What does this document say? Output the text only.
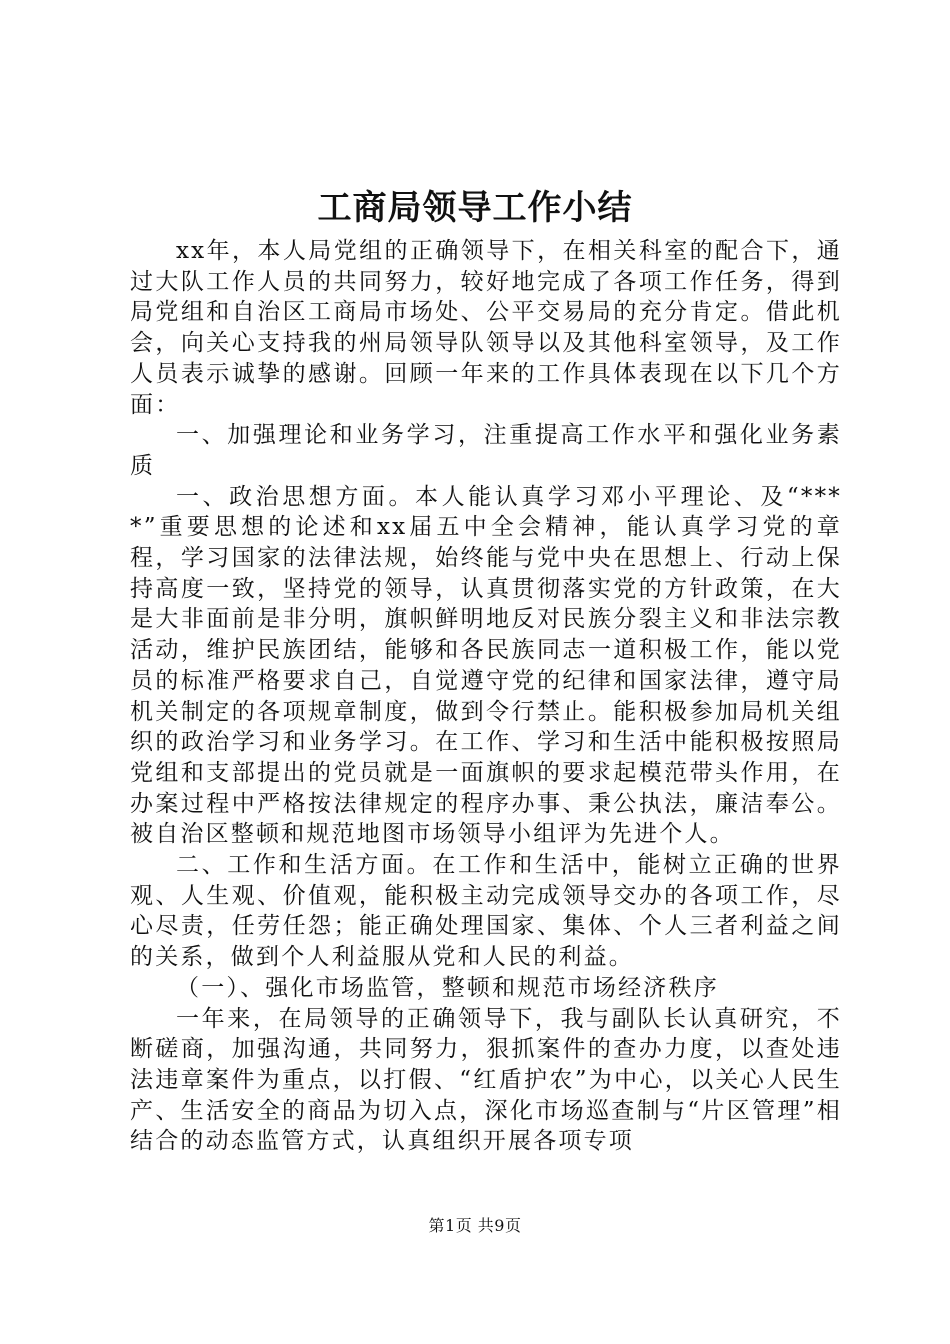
工商局领导工作小结

xx年，本人局党组的正确领导下，在相关科室的配合下，通过大队工作人员的共同努力，较好地完成了各项工作任务，得到局党组和自治区工商局市场处、公平交易局的充分肯定。借此机会，向关心支持我的州局领导队领导以及其他科室领导，及工作人员表示诚挚的感谢。回顾一年来的工作具体表现在以下几个方面：

一、加强理论和业务学习，注重提高工作水平和强化业务素质

一、政治思想方面。本人能认真学习邓小平理论、及“****”重要思想的论述和xx届五中全会精神，能认真学习党的章程，学习国家的法律法规，始终能与党中央在思想上、行动上保持高度一致，坚持党的领导，认真贯彻落实党的方针政策，在大是大非面前是非分明，旗帜鲜明地反对民族分裂主义和非法宗教活动，维护民族团结，能够和各民族同志一道积极工作，能以党员的标准严格要求自己，自觉遵守党的纪律和国家法律，遵守局机关制定的各项规章制度，做到令行禁止。能积极参加局机关组织的政治学习和业务学习。在工作、学习和生活中能积极按照局党组和支部提出的党员就是一面旗帜的要求起模范带头作用，在办案过程中严格按法律规定的程序办事、秉公执法，廉洁奉公。被自治区整顿和规范地图市场领导小组评为先进个人。

二、工作和生活方面。在工作和生活中，能树立正确的世界观、人生观、价值观，能积极主动完成领导交办的各项工作，尽心尽责，任劳任怨；能正确处理国家、集体、个人三者利益之间的关系，做到个人利益服从党和人民的利益。

（一）、强化市场监管，整顿和规范市场经济秩序

一年来，在局领导的正确领导下，我与副队长认真研究，不断磋商，加强沟通，共同努力，狠抓案件的查办力度，以查处违法违章案件为重点，以打假、“红盾护农”为中心，以关心人民生产、生活安全的商品为切入点，深化市场巡查制与“片区管理”相结合的动态监管方式，认真组织开展各项专项

第1页 共9页
